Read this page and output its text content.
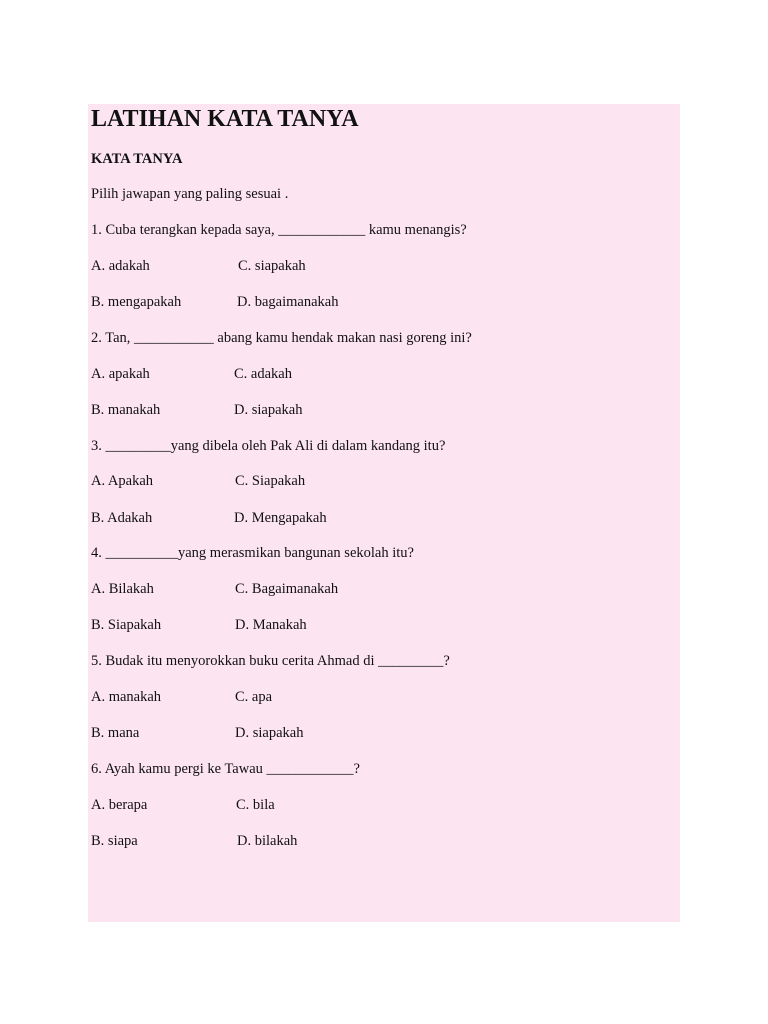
LATIHAN KATA TANYA
KATA TANYA
Pilih jawapan yang paling sesuai .
1. Cuba terangkan kepada saya, ____________ kamu menangis?
A. adakah	C. siapakah
B. mengapakah	D. bagaimanakah
2. Tan, ___________ abang kamu hendak makan nasi goreng ini?
A. apakah	C. adakah
B. manakah	D. siapakah
3. _________yang dibela oleh Pak Ali di dalam kandang itu?
A. Apakah	C. Siapakah
B. Adakah	D. Mengapakah
4. __________yang merasmikan bangunan sekolah itu?
A. Bilakah	C. Bagaimanakah
B. Siapakah	D. Manakah
5. Budak itu menyorokkan buku cerita Ahmad di _________?
A. manakah	C. apa
B. mana	D. siapakah
6. Ayah kamu pergi ke Tawau ____________?
A. berapa	C. bila
B. siapa	D. bilakah
